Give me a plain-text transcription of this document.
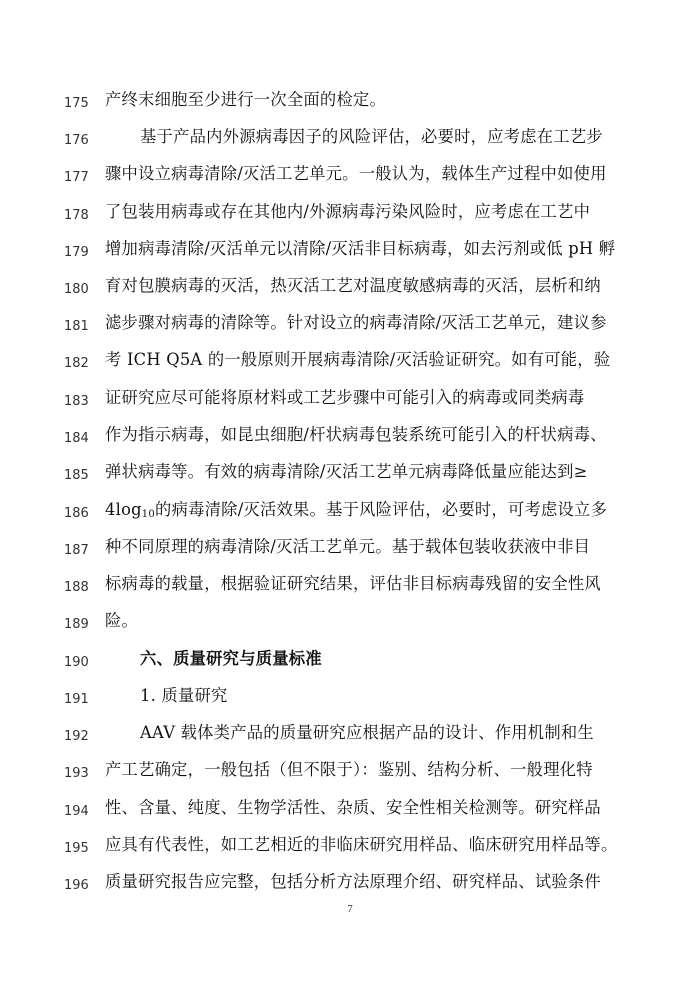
175 产终末细胞至少进行一次全面的检定。
176	基于产品内外源病毒因子的风险评估，必要时，应考虑在工艺步
177 骤中设立病毒清除/灭活工艺单元。一般认为，载体生产过程中如使用
178 了包装用病毒或存在其他内/外源病毒污染风险时，应考虑在工艺中
179 增加病毒清除/灭活单元以清除/灭活非目标病毒，如去污剂或低 pH 孵
180 育对包膜病毒的灭活，热灭活工艺对温度敏感病毒的灭活，层析和纳
181 滤步骤对病毒的清除等。针对设立的病毒清除/灭活工艺单元，建议参
182 考 ICH Q5A 的一般原则开展病毒清除/灭活验证研究。如有可能，验
183 证研究应尽可能将原材料或工艺步骤中可能引入的病毒或同类病毒
184 作为指示病毒，如昆虫细胞/杆状病毒包装系统可能引入的杆状病毒、
185 弹状病毒等。有效的病毒清除/灭活工艺单元病毒降低量应能达到≥
186 $4\log_{10}$的病毒清除/灭活效果。基于风险评估，必要时，可考虑设立多
187 种不同原理的病毒清除/灭活工艺单元。基于载体包装收获液中非目
188 标病毒的载量，根据验证研究结果，评估非目标病毒残留的安全性风
189 险。
190	六、质量研究与质量标准
191	1. 质量研究
192	AAV 载体类产品的质量研究应根据产品的设计、作用机制和生
193 产工艺确定，一般包括（但不限于）：鉴别、结构分析、一般理化特
194 性、含量、纯度、生物学活性、杂质、安全性相关检测等。研究样品
195 应具有代表性，如工艺相近的非临床研究用样品、临床研究用样品等。
196 质量研究报告应完整，包括分析方法原理介绍、研究样品、试验条件
7
